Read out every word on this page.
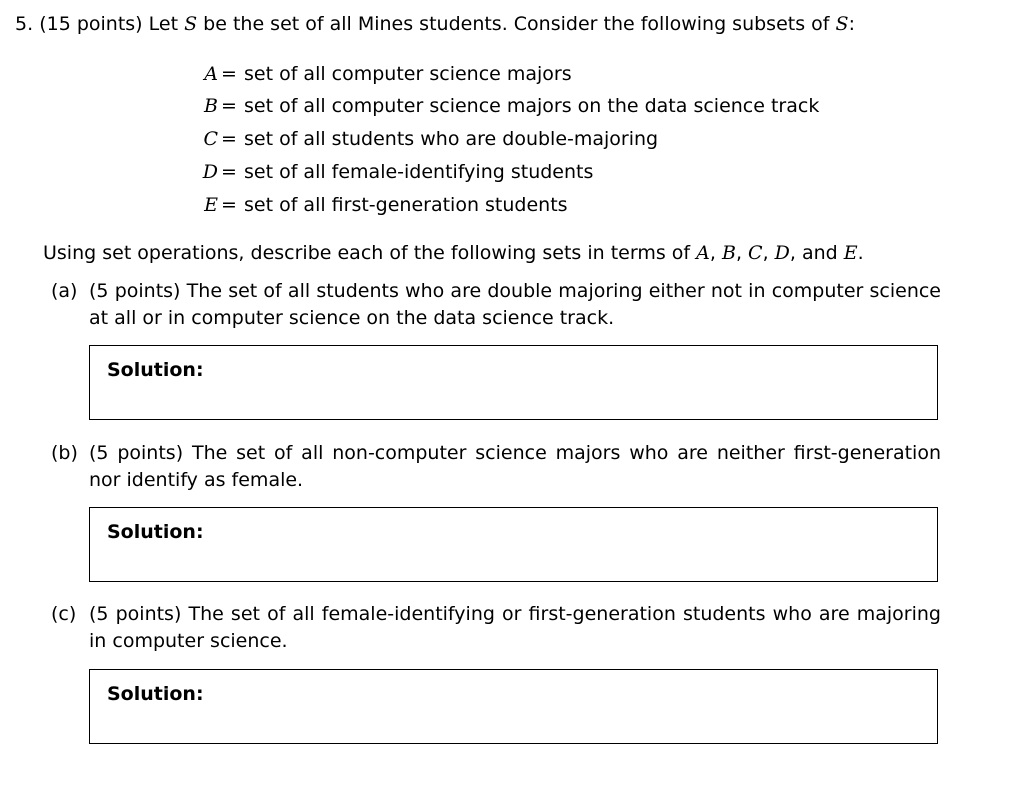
5. (15 points) Let S be the set of all Mines students. Consider the following subsets of S:
A = set of all computer science majors
B = set of all computer science majors on the data science track
C = set of all students who are double-majoring
D = set of all female-identifying students
E = set of all first-generation students
Using set operations, describe each of the following sets in terms of A, B, C, D, and E.
(a) (5 points) The set of all students who are double majoring either not in computer science at all or in computer science on the data science track.
Solution:
(b) (5 points) The set of all non-computer science majors who are neither first-generation nor identify as female.
Solution:
(c) (5 points) The set of all female-identifying or first-generation students who are majoring in computer science.
Solution:
